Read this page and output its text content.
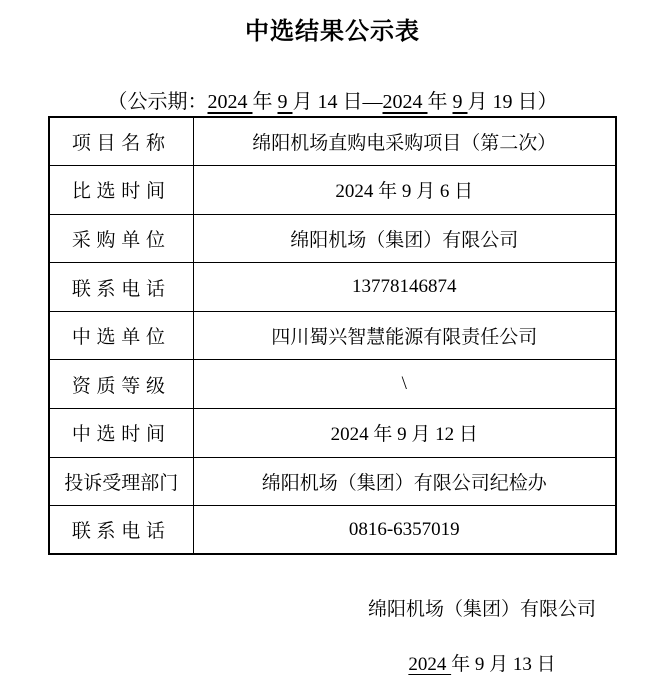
中选结果公示表
（公示期：2024 年 9 月 14 日—2024 年 9 月 19 日）
项目名称	绵阳机场直购电采购项目（第二次）
比选时间	2024 年 9 月 6 日
采购单位	绵阳机场（集团）有限公司
联系电话	13778146874
中选单位	四川蜀兴智慧能源有限责任公司
资质等级	\
中选时间	2024 年 9 月 12 日
投诉受理部门	绵阳机场（集团）有限公司纪检办
联系电话	0816-6357019
绵阳机场（集团）有限公司
2024 年 9 月 13 日
